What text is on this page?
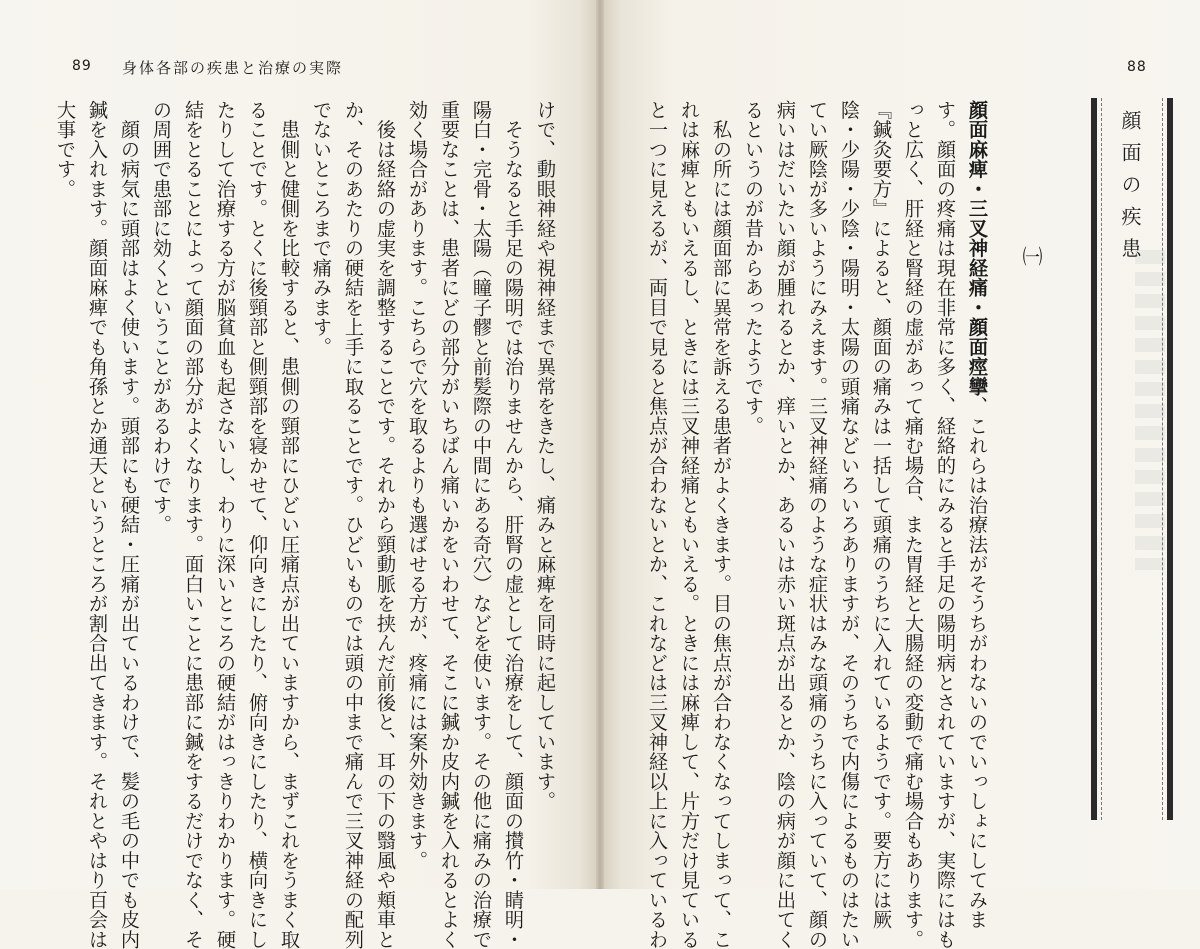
89 身体各部の疾患と治療の実際	88
顔面の疾患
㈠
顔面麻痺・三叉神経痛・顔面痙攣、これらは治療法がそうちがわないのでいっしょにしてみま
す。顔面の疼痛は現在非常に多く、経絡的にみると手足の陽明病とされていますが、実際にはも
っと広く、肝経と腎経の虚があって痛む場合、また胃経と大腸経の変動で痛む場合もあります。
『鍼灸要方』によると、顔面の痛みは一括して頭痛のうちに入れているようです。要方には厥
陰・少陽・少陰・陽明・太陽の頭痛などいろいろありますが、そのうちで内傷によるものはたい
てい厥陰が多いようにみえます。三叉神経痛のような症状はみな頭痛のうちに入っていて、顔の
病いはだいたい顔が腫れるとか、痒いとか、あるいは赤い斑点が出るとか、陰の病が顔に出てく
るというのが昔からあったようです。
　私の所には顔面部に異常を訴える患者がよくきます。目の焦点が合わなくなってしまって、こ
れは麻痺ともいえるし、ときには三叉神経痛ともいえる。ときには麻痺して、片方だけ見ている
と一つに見えるが、両目で見ると焦点が合わないとか、これなどは三叉神経以上に入っているわ
けで、動眼神経や視神経まで異常をきたし、痛みと麻痺を同時に起しています。
　そうなると手足の陽明では治りませんから、肝腎の虚として治療をして、顔面の攅竹・睛明・
陽白・完骨・太陽（瞳子髎と前髪際の中間にある奇穴）などを使います。その他に痛みの治療で
重要なことは、患者にどの部分がいちばん痛いかをいわせて、そこに鍼か皮内鍼を入れるとよく
効く場合があります。こちらで穴を取るよりも選ばせる方が、疼痛には案外効きます。
　後は経絡の虚実を調整することです。それから頸動脈を挟んだ前後と、耳の下の翳風や頬車と
か、そのあたりの硬結を上手に取ることです。ひどいものでは頭の中まで痛んで三叉神経の配列
でないところまで痛みます。
　患側と健側を比較すると、患側の頸部にひどい圧痛点が出ていますから、まずこれをうまく取
ることです。とくに後頸部と側頸部を寝かせて、仰向きにしたり、俯向きにしたり、横向きにし
たりして治療する方が脳貧血も起さないし、わりに深いところの硬結がはっきりわかります。硬
結をとることによって顔面の部分がよくなります。面白いことに患部に鍼をするだけでなく、そ
の周囲で患部に効くということがあるわけです。
　顔の病気に頭部はよく使います。頭部にも硬結・圧痛が出ているわけで、髪の毛の中でも皮内
鍼を入れます。顔面麻痺でも角孫とか通天というところが割合出てきます。それとやはり百会は
大事です。
